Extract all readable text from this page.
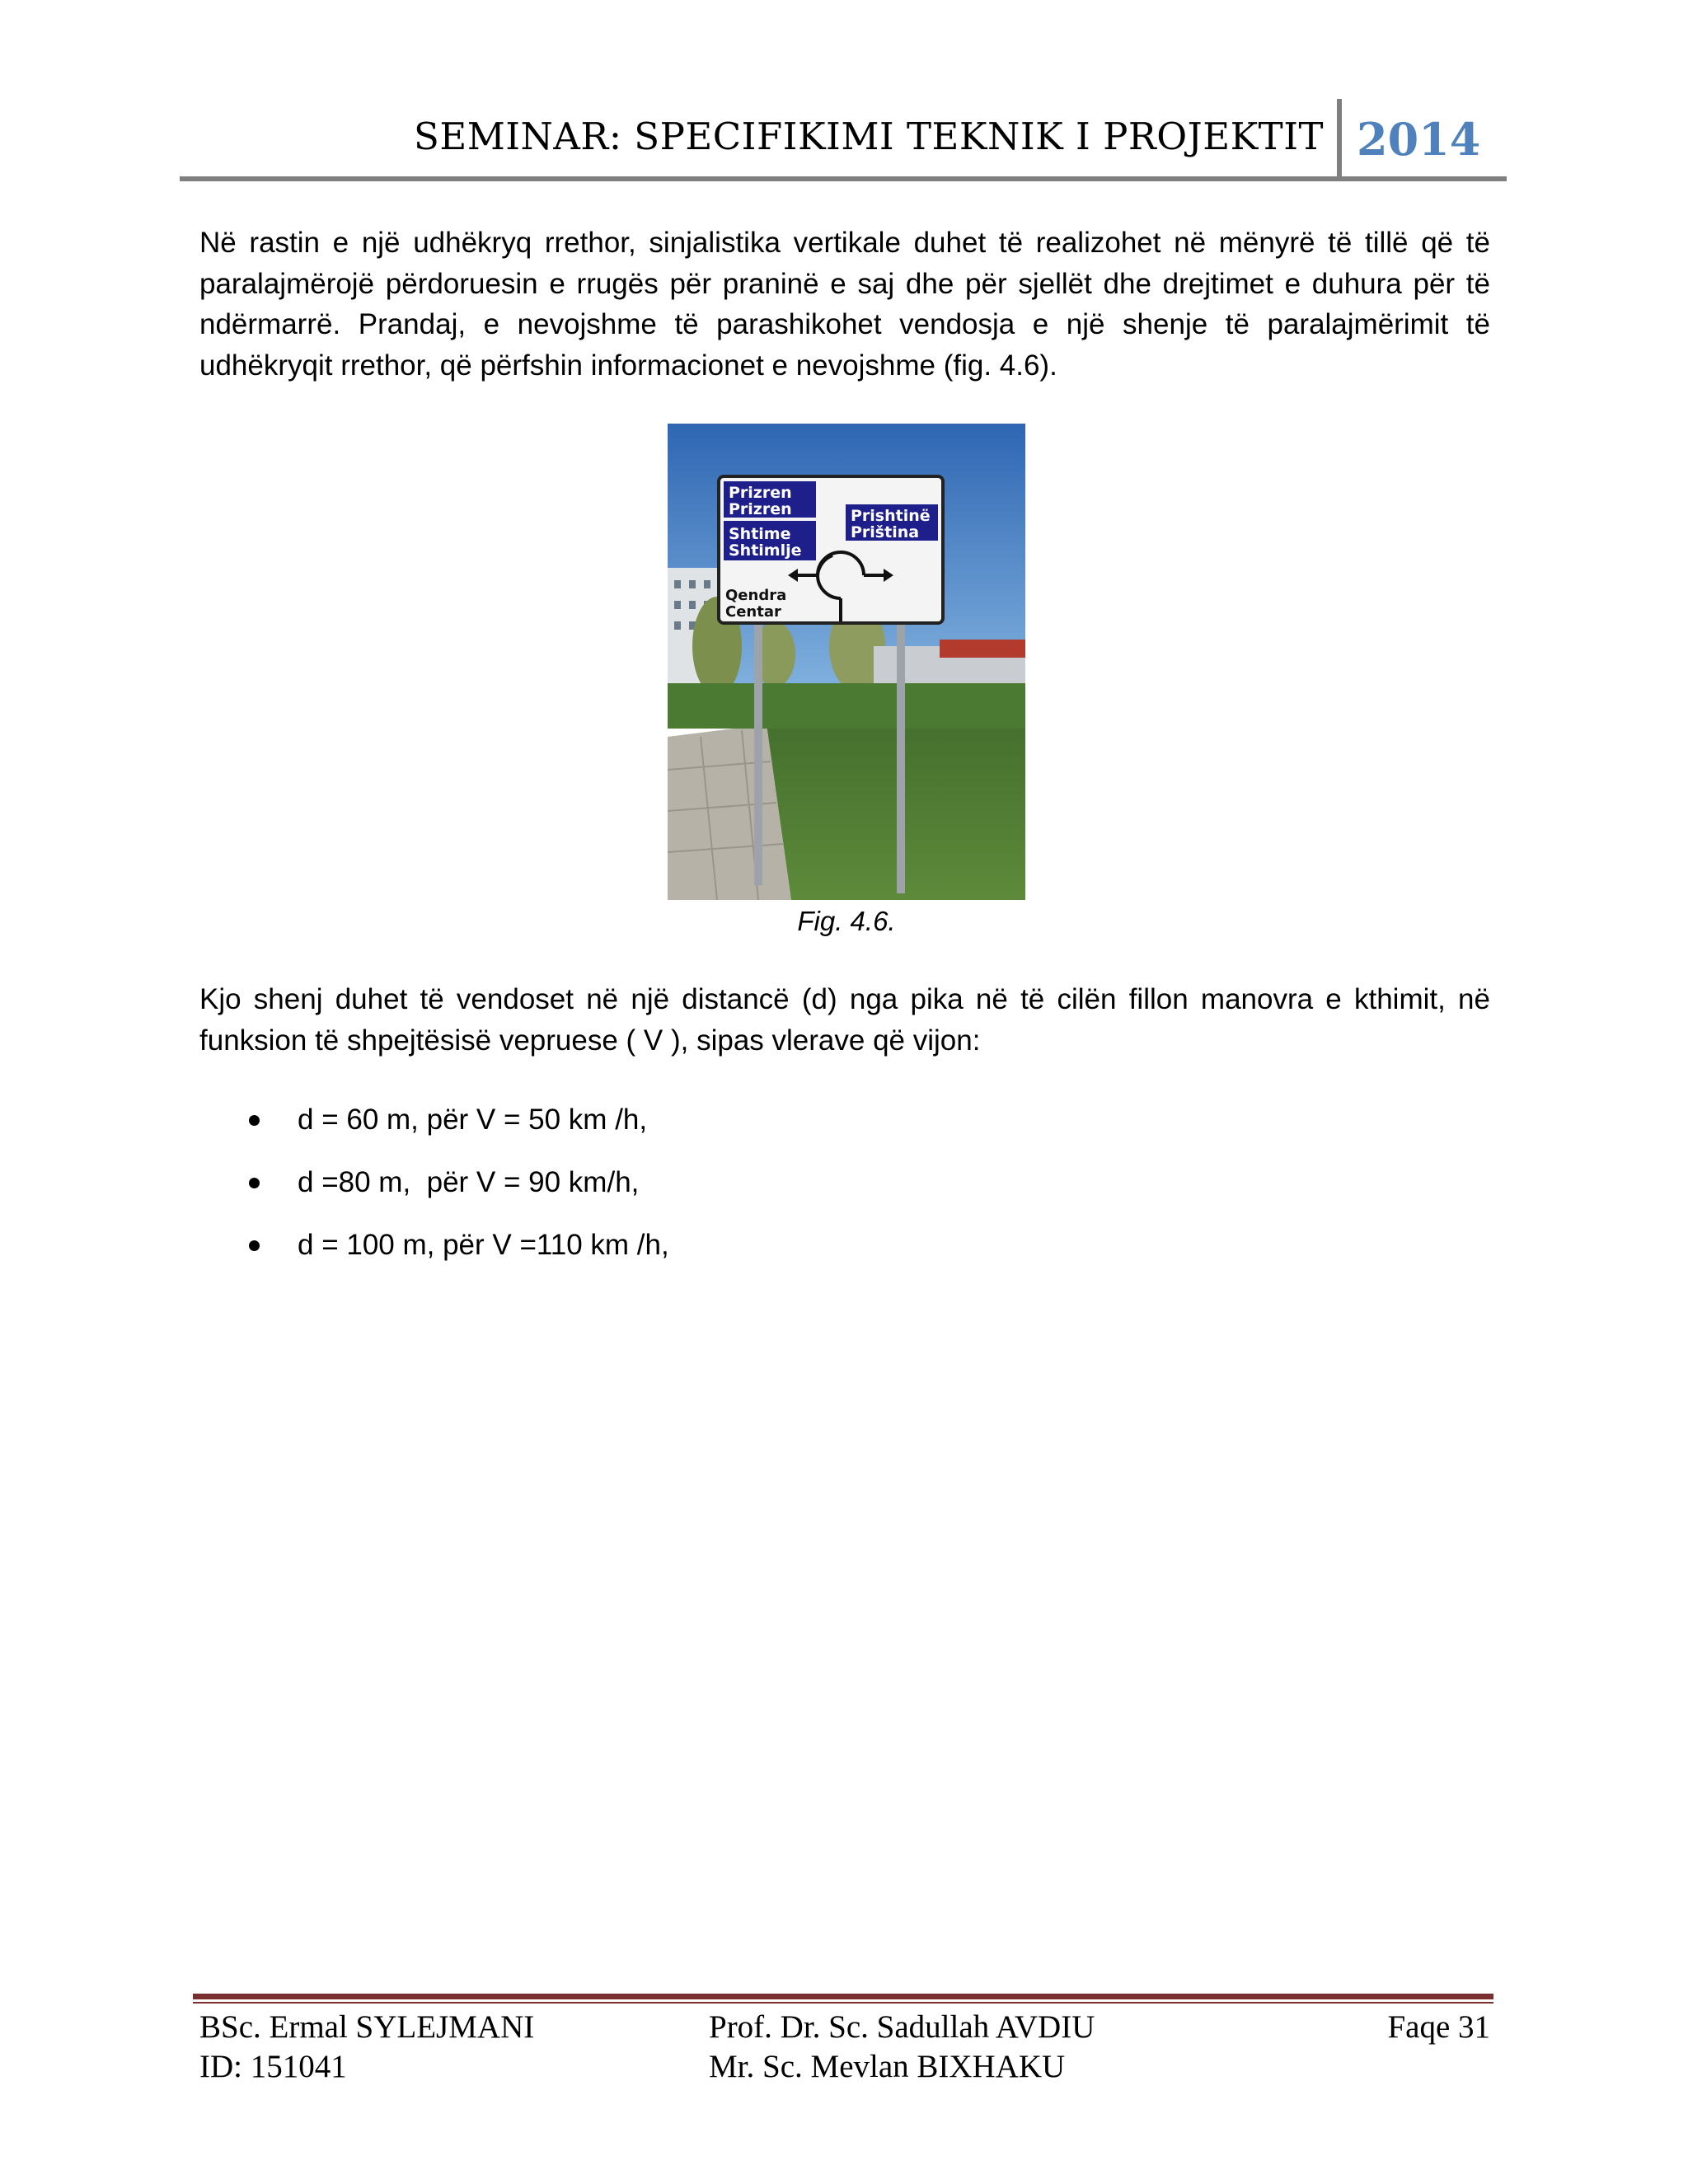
SEMINAR: SPECIFIKIMI TEKNIK I PROJEKTIT 2014

Në rastin e një udhëkryq rrethor, sinjalistika vertikale duhet të realizohet në mënyrë të tillë që të paralajmërojë përdoruesin e rrugës për praninë e saj dhe për sjellët dhe drejtimet e duhura për të ndërmarrë. Prandaj, e nevojshme të parashikohet vendosja e një shenje të paralajmërimit të udhëkryqit rrethor, që përfshin informacionet e nevojshme (fig. 4.6).

Prizren
Prizren
Shtime
Shtimlje
Prishtinë
Priština
Qendra
Centar
Fig. 4.6.

Kjo shenj duhet të vendoset në një distancë (d) nga pika në të cilën fillon manovra e kthimit, në funksion të shpejtësisë vepruese ( V ), sipas vlerave që vijon:

d = 60 m, për V = 50 km /h,
d =80 m,  për V = 90 km/h,
d = 100 m, për V =110 km /h,
BSc. Ermal SYLEJMANI
ID: 151041
Prof. Dr. Sc. Sadullah AVDIU
Mr. Sc. Mevlan BIXHAKU
Faqe 31
